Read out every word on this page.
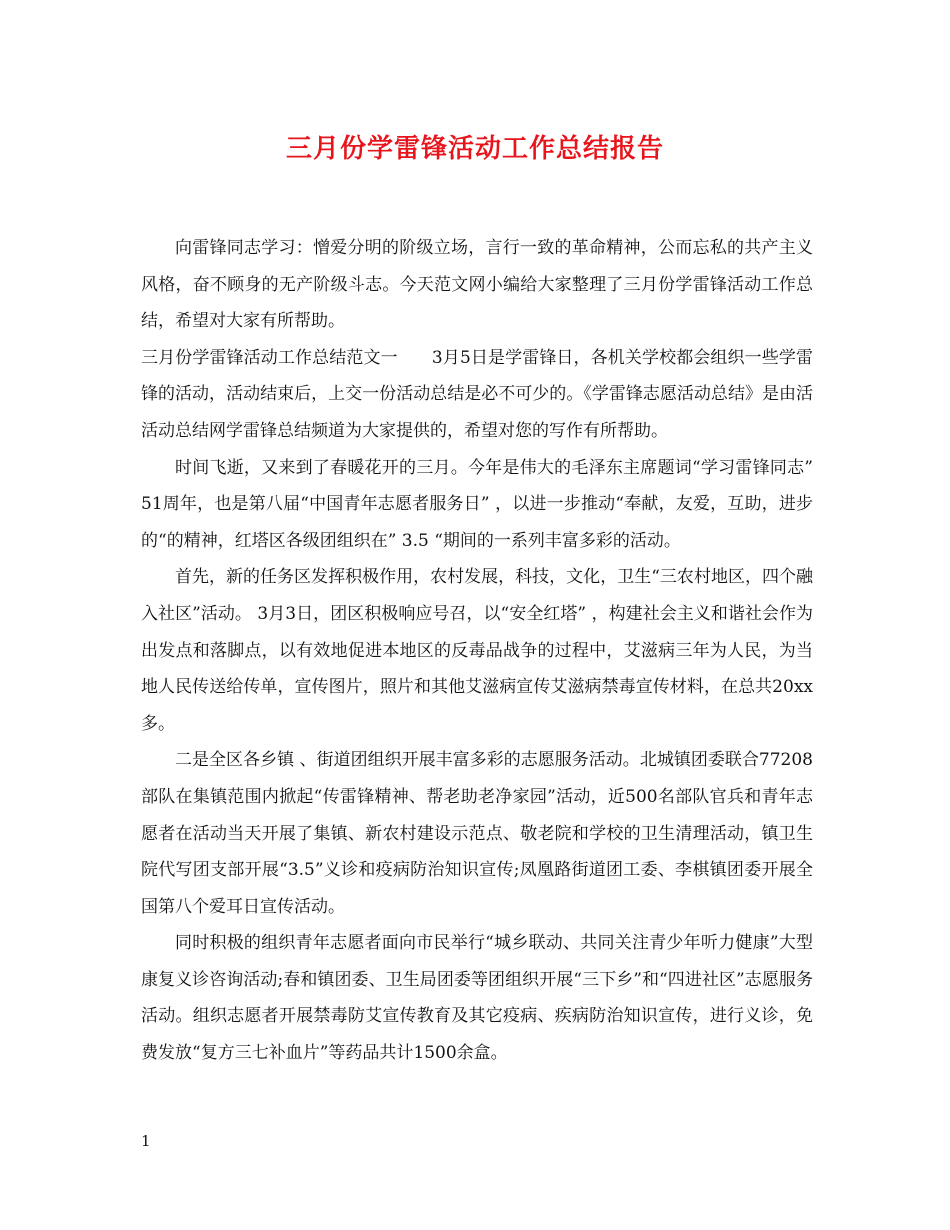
三月份学雷锋活动工作总结报告

向雷锋同志学习：憎爱分明的阶级立场，言行一致的革命精神，公而忘私的共产主义风格，奋不顾身的无产阶级斗志。今天范文网小编给大家整理了三月份学雷锋活动工作总结，希望对大家有所帮助。

三月份学雷锋活动工作总结范文一　　3月5日是学雷锋日，各机关学校都会组织一些学雷锋的活动，活动结束后，上交一份活动总结是必不可少的。《学雷锋志愿活动总结》是由活活动总结网学雷锋总结频道为大家提供的，希望对您的写作有所帮助。

时间飞逝，又来到了春暖花开的三月。今年是伟大的毛泽东主席题词“学习雷锋同志” 51周年，也是第八届“中国青年志愿者服务日” ，以进一步推动“奉献，友爱，互助，进步的“的精神，红塔区各级团组织在” 3.5 “期间的一系列丰富多彩的活动。

首先，新的任务区发挥积极作用，农村发展，科技，文化，卫生“三农村地区，四个融入社区”活动。 3月3日，团区积极响应号召，以“安全红塔” ，构建社会主义和谐社会作为出发点和落脚点，以有效地促进本地区的反毒品战争的过程中，艾滋病三年为人民，为当地人民传送给传单，宣传图片，照片和其他艾滋病宣传艾滋病禁毒宣传材料，在总共20xx多。

二是全区各乡镇 、街道团组织开展丰富多彩的志愿服务活动。北城镇团委联合77208部队在集镇范围内掀起“传雷锋精神、帮老助老净家园”活动，近500名部队官兵和青年志愿者在活动当天开展了集镇、新农村建设示范点、敬老院和学校的卫生清理活动，镇卫生院代写团支部开展“3.5”义诊和疫病防治知识宣传;凤凰路街道团工委、李棋镇团委开展全国第八个爱耳日宣传活动。

同时积极的组织青年志愿者面向市民举行“城乡联动、共同关注青少年听力健康”大型康复义诊咨询活动;春和镇团委、卫生局团委等团组织开展“三下乡”和“四进社区”志愿服务活动。组织志愿者开展禁毒防艾宣传教育及其它疫病、疾病防治知识宣传，进行义诊，免费发放“复方三七补血片”等药品共计1500余盒。

1
